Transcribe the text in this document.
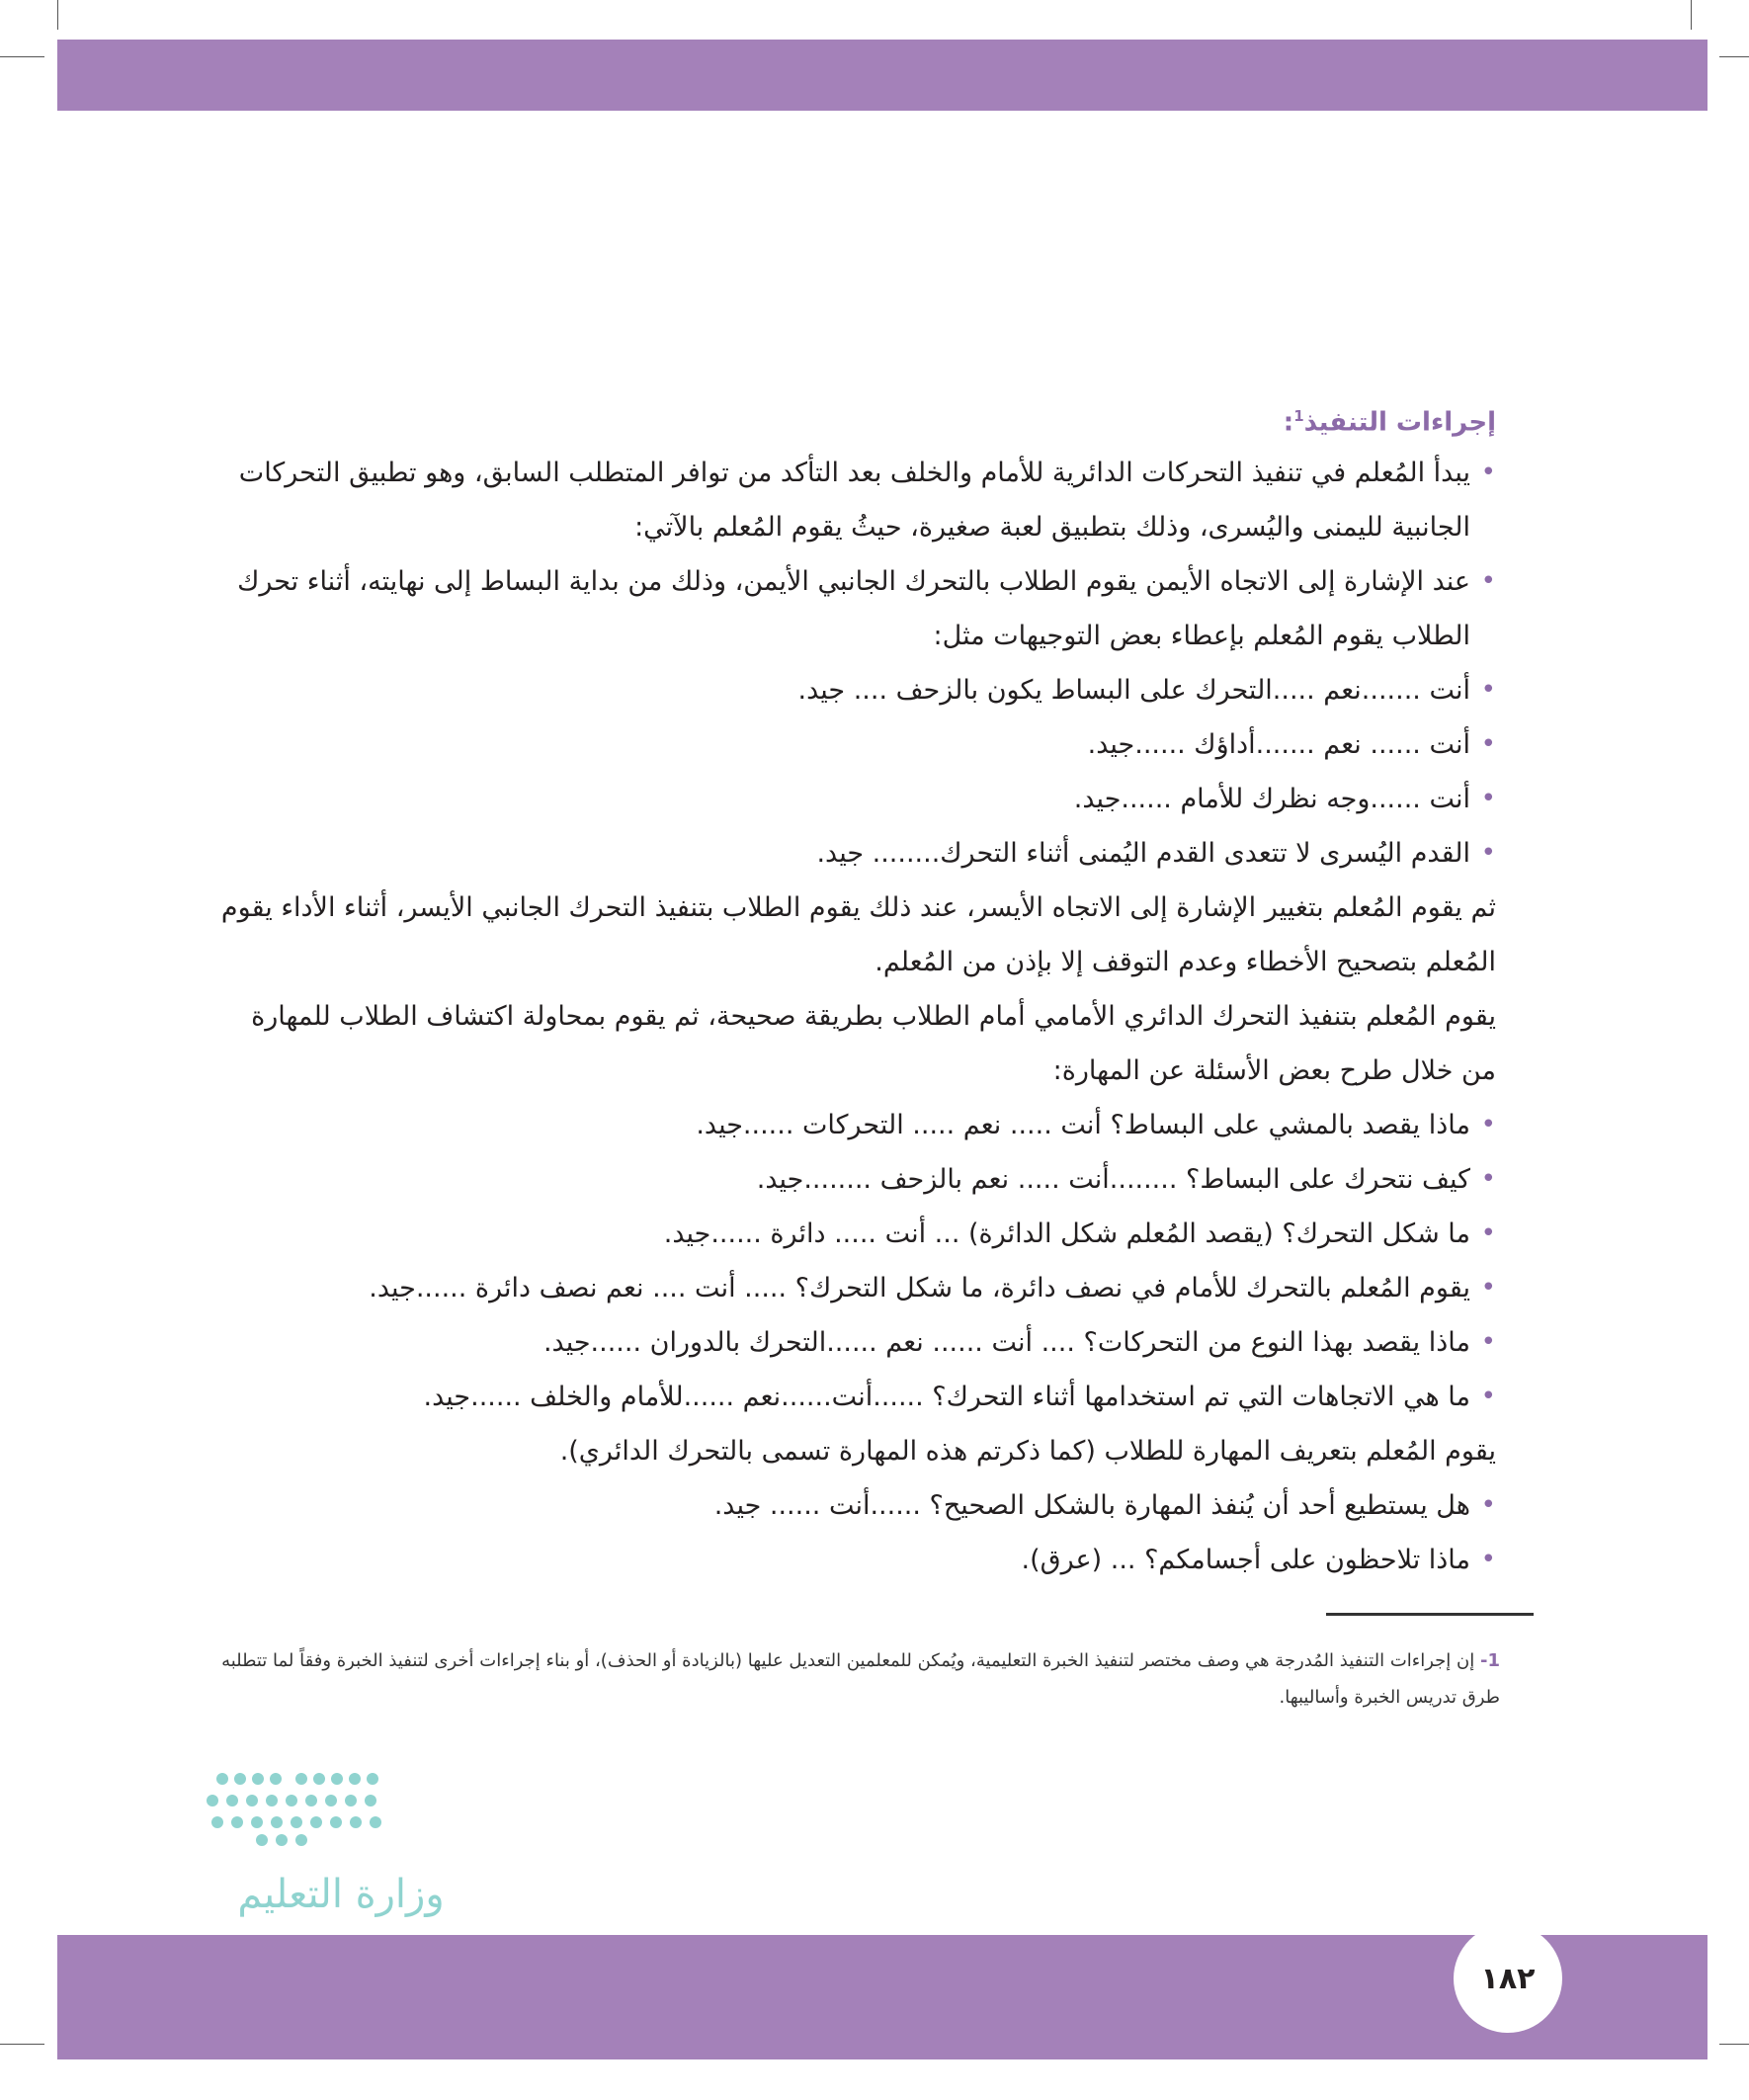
إجراءات التنفيذ$^1$:

• يبدأ المُعلم في تنفيذ التحركات الدائرية للأمام والخلف بعد التأكد من توافر المتطلب السابق، وهو تطبيق التحركات الجانبية لليمنى واليُسرى، وذلك بتطبيق لعبة صغيرة، حيثُ يقوم المُعلم بالآتي:

• عند الإشارة إلى الاتجاه الأيمن يقوم الطلاب بالتحرك الجانبي الأيمن، وذلك من بداية البساط إلى نهايته، أثناء تحرك الطلاب يقوم المُعلم بإعطاء بعض التوجيهات مثل:

• أنت .......نعم .....التحرك على البساط يكون بالزحف .... جيد.

• أنت ...... نعم .......أداؤك ......جيد.

• أنت ......وجه نظرك للأمام ......جيد.

• القدم اليُسرى لا تتعدى القدم اليُمنى أثناء التحرك........ جيد.

ثم يقوم المُعلم بتغيير الإشارة إلى الاتجاه الأيسر، عند ذلك يقوم الطلاب بتنفيذ التحرك الجانبي الأيسر، أثناء الأداء يقوم المُعلم بتصحيح الأخطاء وعدم التوقف إلا بإذن من المُعلم.

يقوم المُعلم بتنفيذ التحرك الدائري الأمامي أمام الطلاب بطريقة صحيحة، ثم يقوم بمحاولة اكتشاف الطلاب للمهارة من خلال طرح بعض الأسئلة عن المهارة:

• ماذا يقصد بالمشي على البساط؟ أنت ..... نعم ..... التحركات ......جيد.

• كيف نتحرك على البساط؟ ........أنت ..... نعم بالزحف ........جيد.

• ما شكل التحرك؟ (يقصد المُعلم شكل الدائرة) ... أنت ..... دائرة ......جيد.

• يقوم المُعلم بالتحرك للأمام في نصف دائرة، ما شكل التحرك؟ ..... أنت .... نعم نصف دائرة ......جيد.

• ماذا يقصد بهذا النوع من التحركات؟ .... أنت ...... نعم ......التحرك بالدوران ......جيد.

• ما هي الاتجاهات التي تم استخدامها أثناء التحرك؟ ......أنت......نعم ......للأمام والخلف ......جيد.

يقوم المُعلم بتعريف المهارة للطلاب (كما ذكرتم هذه المهارة تسمى بالتحرك الدائري).

• هل يستطيع أحد أن يُنفذ المهارة بالشكل الصحيح؟ ......أنت ...... جيد.

• ماذا تلاحظون على أجسامكم؟ ... (عرق).

1- إن إجراءات التنفيذ المُدرجة هي وصف مختصر لتنفيذ الخبرة التعليمية، ويُمكن للمعلمين التعديل عليها (بالزيادة أو الحذف)، أو بناء إجراءات أخرى لتنفيذ الخبرة وفقاً لما تتطلبه طرق تدريس الخبرة وأساليبها.
وزارة التعليم
١٨٢
